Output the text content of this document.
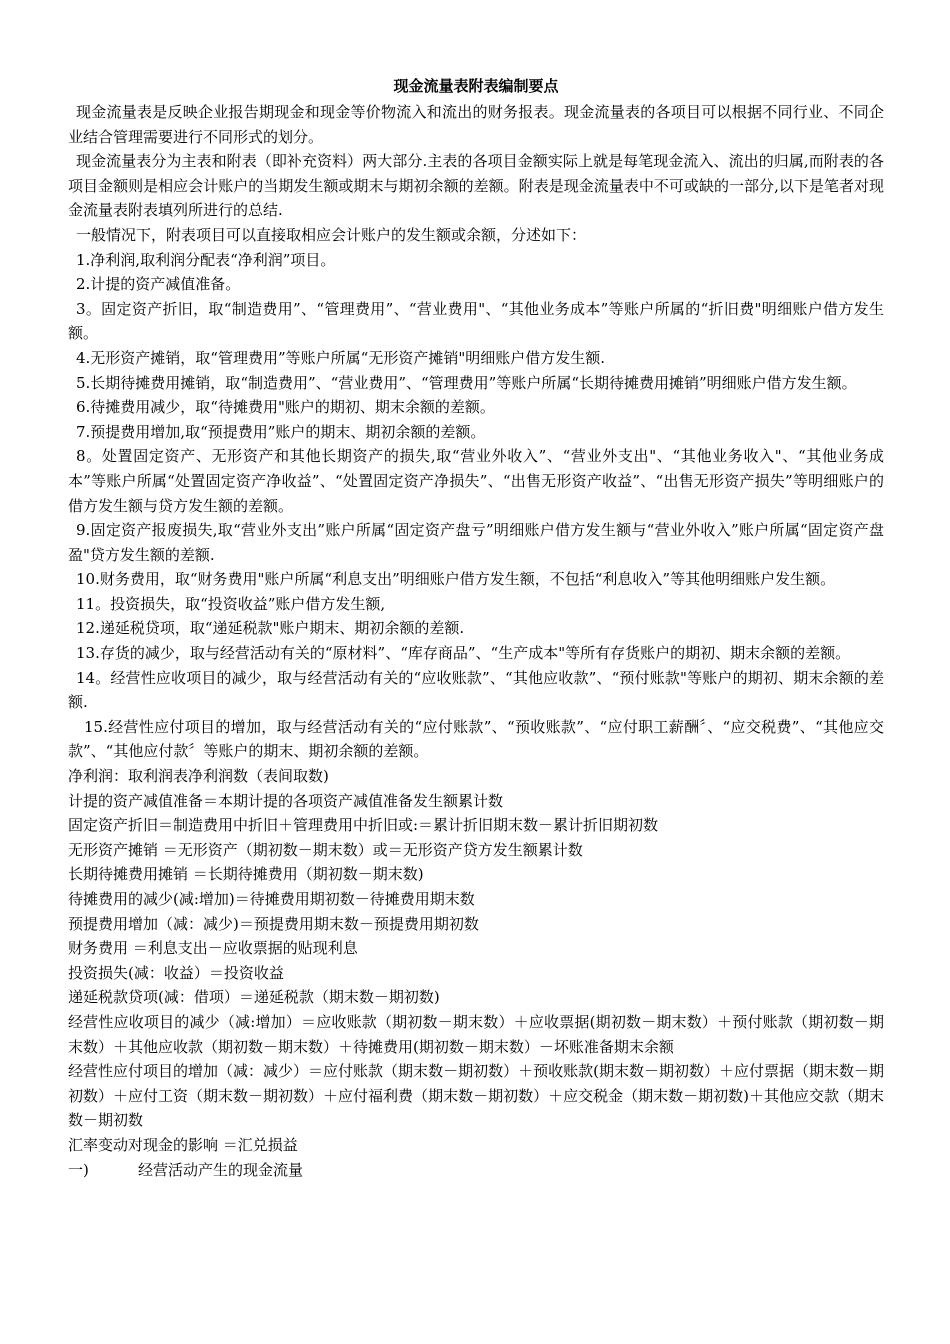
现金流量表附表编制要点

现金流量表是反映企业报告期现金和现金等价物流入和流出的财务报表。现金流量表的各项目可以根据不同行业、不同企业结合管理需要进行不同形式的划分。

现金流量表分为主表和附表（即补充资料）两大部分.主表的各项目金额实际上就是每笔现金流入、流出的归属,而附表的各项目金额则是相应会计账户的当期发生额或期末与期初余额的差额。附表是现金流量表中不可或缺的一部分,以下是笔者对现金流量表附表填列所进行的总结.

一般情况下，附表项目可以直接取相应会计账户的发生额或余额，分述如下：

1.净利润,取利润分配表“净利润”项目。

2.计提的资产减值准备。

3。固定资产折旧，取“制造费用”、“管理费用”、“营业费用"、“其他业务成本”等账户所属的“折旧费"明细账户借方发生额。

4.无形资产摊销，取“管理费用”等账户所属“无形资产摊销"明细账户借方发生额.

5.长期待摊费用摊销，取“制造费用”、“营业费用”、“管理费用”等账户所属“长期待摊费用摊销”明细账户借方发生额。

6.待摊费用减少，取“待摊费用"账户的期初、期末余额的差额。

7.预提费用增加,取“预提费用”账户的期末、期初余额的差额。

8。处置固定资产、无形资产和其他长期资产的损失,取“营业外收入”、“营业外支出"、“其他业务收入"、“其他业务成本”等账户所属“处置固定资产净收益”、“处置固定资产净损失”、“出售无形资产收益”、“出售无形资产损失”等明细账户的借方发生额与贷方发生额的差额。

9.固定资产报废损失,取“营业外支出”账户所属“固定资产盘亏”明细账户借方发生额与“营业外收入”账户所属“固定资产盘盈"贷方发生额的差额.

10.财务费用，取“财务费用"账户所属“利息支出”明细账户借方发生额，不包括“利息收入”等其他明细账户发生额。

11。投资损失，取“投资收益”账户借方发生额,

12.递延税贷项，取“递延税款"账户期末、期初余额的差额.

13.存货的减少，取与经营活动有关的“原材料”、“库存商品”、“生产成本"等所有存货账户的期初、期末余额的差额。

14。经营性应收项目的减少，取与经营活动有关的“应收账款”、“其他应收款”、“预付账款"等账户的期初、期末余额的差额.

15.经营性应付项目的增加，取与经营活动有关的“应付账款”、“预收账款”、“应付职工薪酬〞、“应交税费”、“其他应交款”、“其他应付款〞等账户的期末、期初余额的差额。

净利润：取利润表净利润数（表间取数)

计提的资产减值准备＝本期计提的各项资产减值准备发生额累计数

固定资产折旧＝制造费用中折旧＋管理费用中折旧或:＝累计折旧期末数－累计折旧期初数

无形资产摊销 ＝无形资产（期初数－期末数）或＝无形资产贷方发生额累计数

长期待摊费用摊销 ＝长期待摊费用（期初数－期末数)

待摊费用的减少(减:增加)＝待摊费用期初数－待摊费用期末数

预提费用增加（减：减少)＝预提费用期末数－预提费用期初数

财务费用 ＝利息支出－应收票据的贴现利息

投资损失(减：收益）＝投资收益

递延税款贷项(减：借项）＝递延税款（期末数－期初数)

经营性应收项目的减少（减:增加）＝应收账款（期初数－期末数）＋应收票据(期初数－期末数）＋预付账款（期初数－期末数）＋其他应收款（期初数－期末数）＋待摊费用(期初数－期末数）－坏账准备期末余额

经营性应付项目的增加（减：减少）＝应付账款（期末数－期初数）＋预收账款(期末数－期初数）＋应付票据（期末数－期初数）＋应付工资（期末数－期初数）＋应付福利费（期末数－期初数）＋应交税金（期末数－期初数)＋其他应交款（期末数－期初数

汇率变动对现金的影响 ＝汇兑损益

一)	经营活动产生的现金流量
